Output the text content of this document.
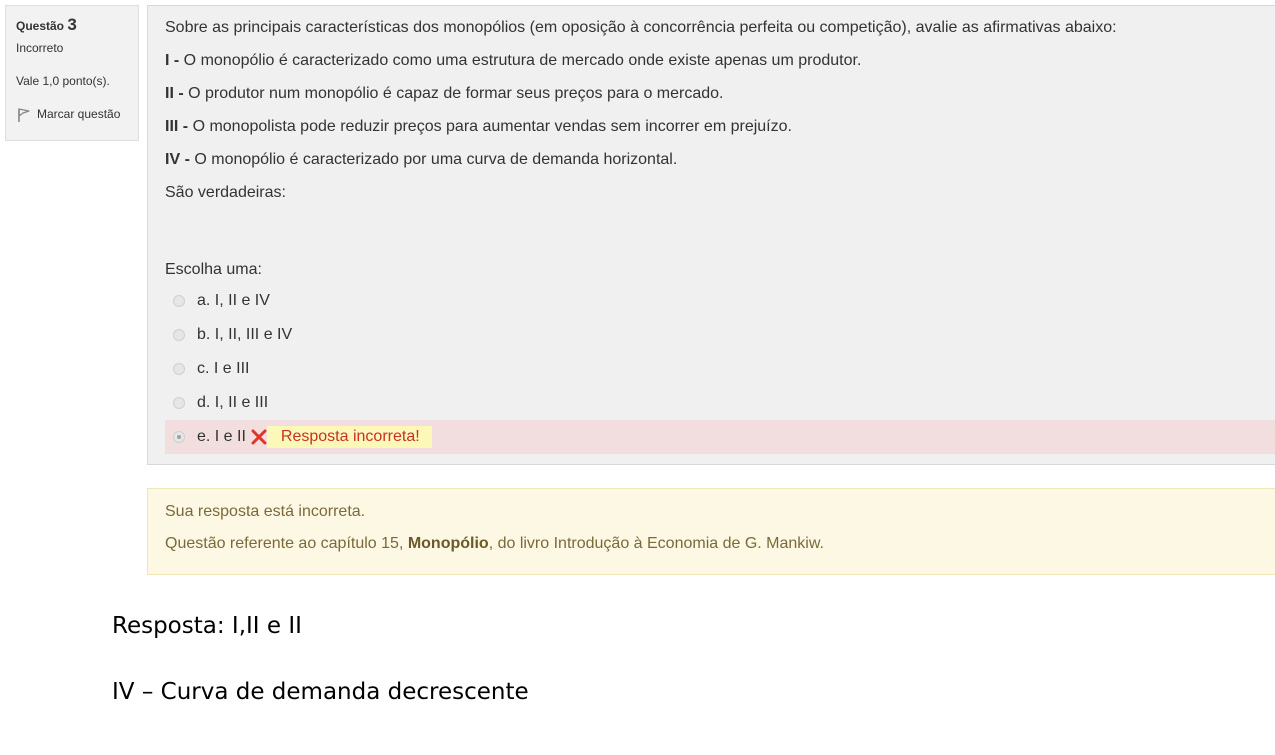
Questão 3
Incorreto
Vale 1,0 ponto(s).
Marcar questão

Sobre as principais características dos monopólios (em oposição à concorrência perfeita ou competição), avalie as afirmativas abaixo:

I - O monopólio é caracterizado como uma estrutura de mercado onde existe apenas um produtor.

II - O produtor num monopólio é capaz de formar seus preços para o mercado.

III - O monopolista pode reduzir preços para aumentar vendas sem incorrer em prejuízo.

IV - O monopólio é caracterizado por uma curva de demanda horizontal.

São verdadeiras:

Escolha uma:
a. I, II e IV
b. I, II, III e IV
c. I e III
d. I, II e III
e. I e II	Resposta incorreta!
Sua resposta está incorreta.
Questão referente ao capítulo 15, Monopólio, do livro Introdução à Economia de G. Mankiw.
Resposta: I,II e II
IV – Curva de demanda decrescente
